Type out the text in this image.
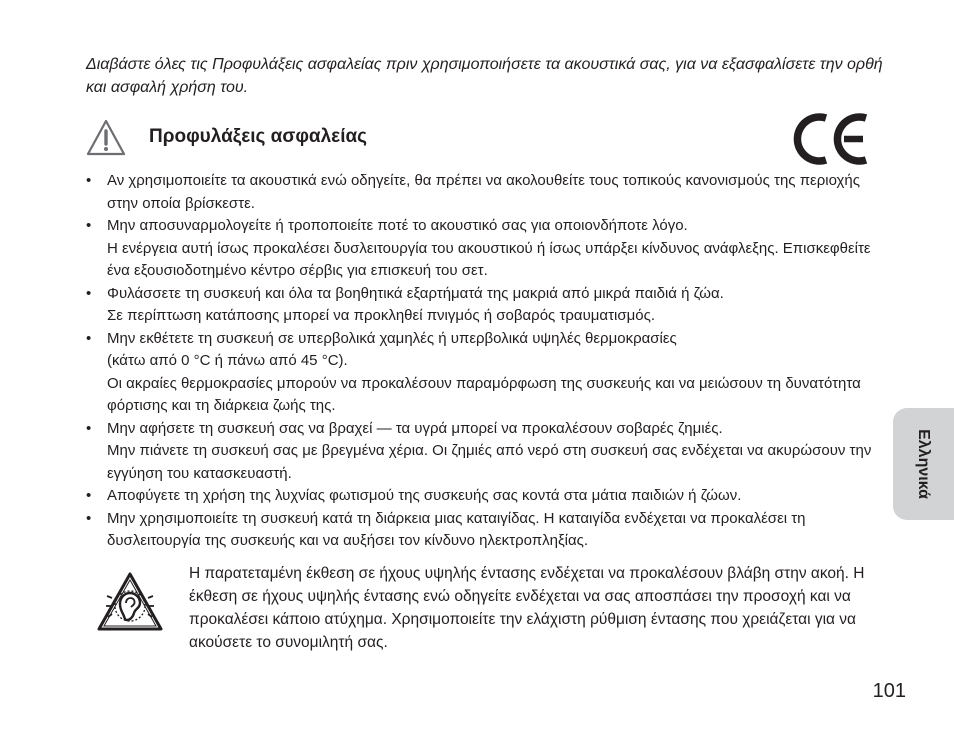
Διαβάστε όλες τις Προφυλάξεις ασφαλείας πριν χρησιμοποιήσετε τα ακουστικά σας, για να εξασφαλίσετε την ορθή και ασφαλή χρήση του.

Προφυλάξεις ασφαλείας

• Αν χρησιμοποιείτε τα ακουστικά ενώ οδηγείτε, θα πρέπει να ακολουθείτε τους τοπικούς κανονισμούς της περιοχής στην οποία βρίσκεστε.

• Μην αποσυναρμολογείτε ή τροποποιείτε ποτέ το ακουστικό σας για οποιονδήποτε λόγο.

Η ενέργεια αυτή ίσως προκαλέσει δυσλειτουργία του ακουστικού ή ίσως υπάρξει κίνδυνος ανάφλεξης. Επισκεφθείτε ένα εξουσιοδοτημένο κέντρο σέρβις για επισκευή του σετ.

• Φυλάσσετε τη συσκευή και όλα τα βοηθητικά εξαρτήματά της μακριά από μικρά παιδιά ή ζώα.

Σε περίπτωση κατάποσης μπορεί να προκληθεί πνιγμός ή σοβαρός τραυματισμός.

• Μην εκθέτετε τη συσκευή σε υπερβολικά χαμηλές ή υπερβολικά υψηλές θερμοκρασίες

(κάτω από 0 °C ή πάνω από 45 °C).

Οι ακραίες θερμοκρασίες μπορούν να προκαλέσουν παραμόρφωση της συσκευής και να μειώσουν τη δυνατότητα φόρτισης και τη διάρκεια ζωής της.

• Μην αφήσετε τη συσκευή σας να βραχεί — τα υγρά μπορεί να προκαλέσουν σοβαρές ζημιές.

Μην πιάνετε τη συσκευή σας με βρεγμένα χέρια. Οι ζημιές από νερό στη συσκευή σας ενδέχεται να ακυρώσουν την εγγύηση του κατασκευαστή.

• Αποφύγετε τη χρήση της λυχνίας φωτισμού της συσκευής σας κοντά στα μάτια παιδιών ή ζώων.

• Μην χρησιμοποιείτε τη συσκευή κατά τη διάρκεια μιας καταιγίδας. Η καταιγίδα ενδέχεται να προκαλέσει τη δυσλειτουργία της συσκευής και να αυξήσει τον κίνδυνο ηλεκτροπληξίας.

Η παρατεταμένη έκθεση σε ήχους υψηλής έντασης ενδέχεται να προκαλέσουν βλάβη στην ακοή. Η έκθεση σε ήχους υψηλής έντασης ενώ οδηγείτε ενδέχεται να σας αποσπάσει την προσοχή και να προκαλέσει κάποιο ατύχημα. Χρησιμοποιείτε την ελάχιστη ρύθμιση έντασης που χρειάζεται για να ακούσετε το συνομιλητή σας.

Ελληνικά

101
